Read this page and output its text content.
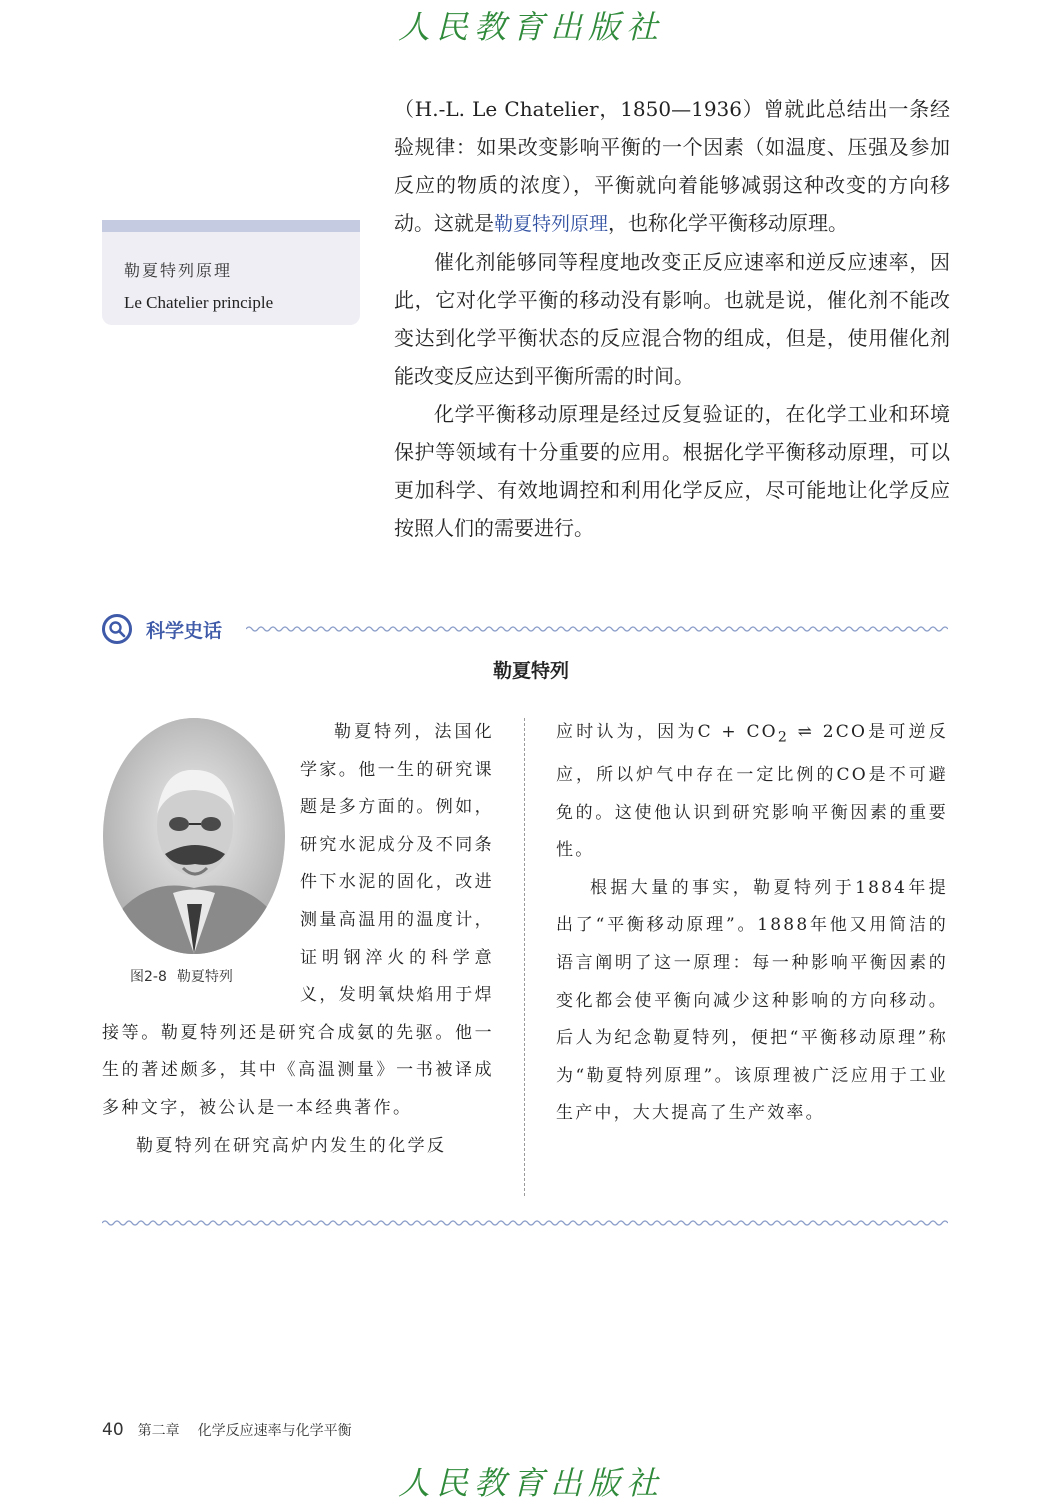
人民教育出版社

（H.-L. Le Chatelier，1850—1936）曾就此总结出一条经验规律：如果改变影响平衡的一个因素（如温度、压强及参加反应的物质的浓度），平衡就向着能够减弱这种改变的方向移动。这就是勒夏特列原理，也称化学平衡移动原理。

催化剂能够同等程度地改变正反应速率和逆反应速率，因此，它对化学平衡的移动没有影响。也就是说，催化剂不能改变达到化学平衡状态的反应混合物的组成，但是，使用催化剂能改变反应达到平衡所需的时间。

化学平衡移动原理是经过反复验证的，在化学工业和环境保护等领域有十分重要的应用。根据化学平衡移动原理，可以更加科学、有效地调控和利用化学反应，尽可能地让化学反应按照人们的需要进行。

勒夏特列原理
Le Chatelier principle
科学史话
勒夏特列
图2-8 勒夏特列

勒夏特列，法国化学家。他一生的研究课题是多方面的。例如，研究水泥成分及不同条件下水泥的固化，改进测量高温用的温度计，证明钢淬火的科学意义，发明氧炔焰用于焊接等。勒夏特列还是研究合成氨的先驱。他一生的著述颇多，其中《高温测量》一书被译成多种文字，被公认是一本经典著作。

勒夏特列在研究高炉内发生的化学反

应时认为，因为$C + CO_2$ ⇌ 2CO是可逆反应，所以炉气中存在一定比例的CO是不可避免的。这使他认识到研究影响平衡因素的重要性。

根据大量的事实，勒夏特列于1884年提出了“平衡移动原理”。1888年他又用简洁的语言阐明了这一原理：每一种影响平衡因素的变化都会使平衡向减少这种影响的方向移动。后人为纪念勒夏特列，便把“平衡移动原理”称为“勒夏特列原理”。该原理被广泛应用于工业生产中，大大提高了生产效率。

40 第二章 化学反应速率与化学平衡
人民教育出版社
